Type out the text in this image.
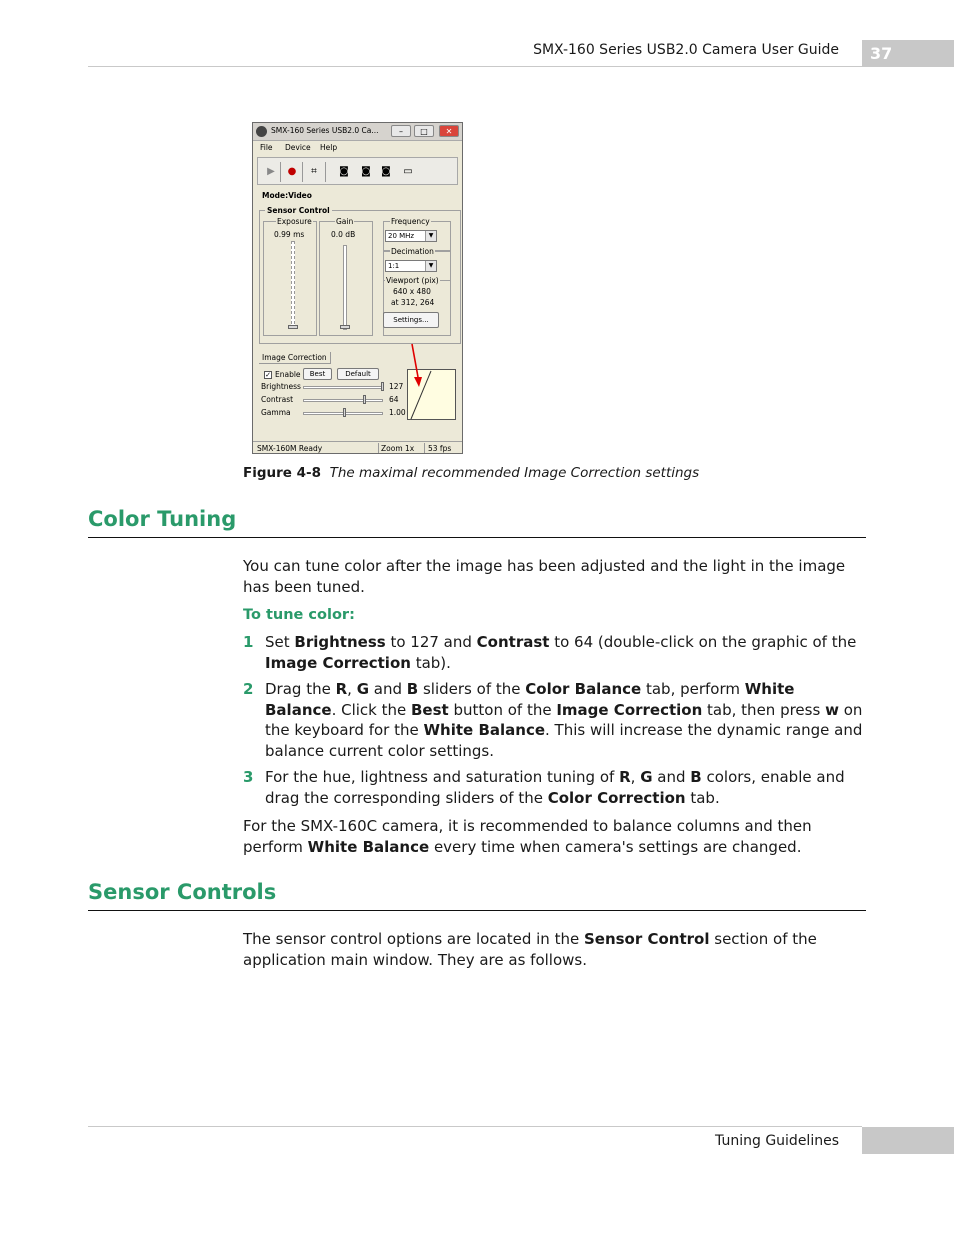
SMX-160 Series USB2.0 Camera User Guide	37
SMX-160 Series USB2.0 Ca...	–	□	✕
File Device Help
▶	●	⌗	◙ ◙ ◙ ▭
Mode:Video
Sensor Control
Exposure
0.99 ms
Gain
0.0 dB
Frequency
20 MHz	▼
Decimation
1:1	▼
Viewport (pix)
640 x 480
at 312, 264
Settings...
Image Correction
✓ Enable	Best	Default
Brightness	127
Contrast	64
Gamma	1.00
SMX-160M Ready	Zoom 1x 53 fps
Figure 4-8 The maximal recommended Image Correction settings
Color Tuning

You can tune color after the image has been adjusted and the light in the image has been tuned.

To tune color:

1 Set Brightness to 127 and Contrast to 64 (double-click on the graphic of the Image Correction tab).
2 Drag the R, G and B sliders of the Color Balance tab, perform White Balance. Click the Best button of the Image Correction tab, then press w on the keyboard for the White Balance. This will increase the dynamic range and balance current color settings.
3 For the hue, lightness and saturation tuning of R, G and B colors, enable and drag the corresponding sliders of the Color Correction tab.

For the SMX-160C camera, it is recommended to balance columns and then perform White Balance every time when camera's settings are changed.

Sensor Controls

The sensor control options are located in the Sensor Control section of the application main window. They are as follows.

Tuning Guidelines
